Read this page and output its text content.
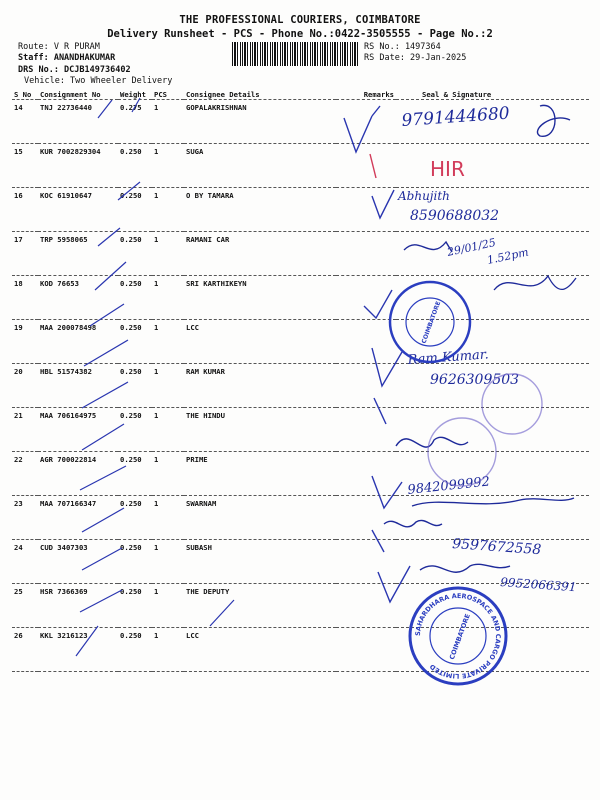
THE PROFESSIONAL COURIERS, COIMBATORE
Delivery Runsheet - PCS - Phone No.:0422-3505555 - Page No.:2
Route: V R PURAM
Staff: ANANDHAKUMAR
DRS No.: DCJB149736402
Vehicle: Two Wheeler Delivery
RS No.: 1497364
RS Date: 29-Jan-2025
S No	Consignment No	Weight	PCS	Consignee Details	Remarks	Seal & Signature
14	TNJ 22736440	0.275	1	GOPALAKRISHNAN		
15	KUR 7002829304	0.250	1	SUGA		
16	KOC 61910647	0.250	1	O BY TAMARA		
17	TRP 5958065	0.250	1	RAMANI CAR		
18	KOD 76653	0.250	1	SRI KARTHIKEYN		
19	MAA 200078498	0.250	1	LCC		
20	HBL 51574382	0.250	1	RAM KUMAR		
21	MAA 706164975	0.250	1	THE HINDU		
22	AGR 700022814	0.250	1	PRIME		
23	MAA 707166347	0.250	1	SWARNAM		
24	CUD 3407303	0.250	1	SUBASH		
25	HSR 7366369	0.250	1	THE DEPUTY		
26	KKL 3216123	0.250	1	LCC		
9791444680
HIR
Abhujith
8590688032
29/01/25
1.52pm
Ram Kumar.
9626309503
9842099992
9597672558
9952066391
COIMBATORE
SAHARDHARA AEROSPACE AND CARGO PRIVATE LIMITED
COIMBATORE
